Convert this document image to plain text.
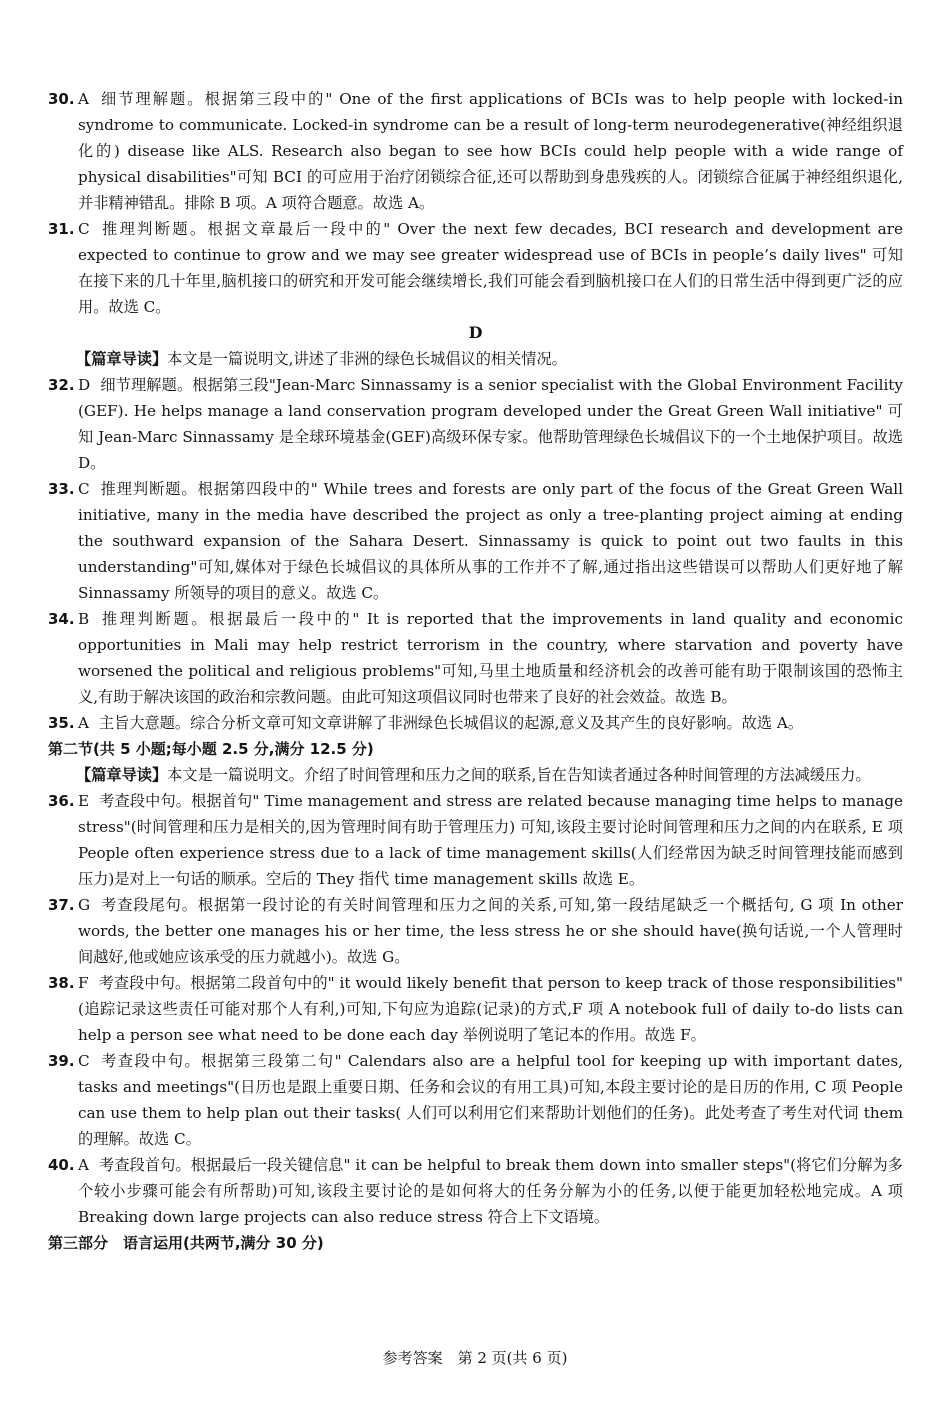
30. A 细节理解题。根据第三段中的" One of the first applications of BCIs was to help people with locked-in syndrome to communicate. Locked-in syndrome can be a result of long-term neurodegenerative(神经组织退化的) disease like ALS. Research also began to see how BCIs could help people with a wide range of physical disabilities"可知 BCI 的可应用于治疗闭锁综合征,还可以帮助到身患残疾的人。闭锁综合征属于神经组织退化,并非精神错乱。排除 B 项。A 项符合题意。故选 A。
31. C 推理判断题。根据文章最后一段中的" Over the next few decades, BCI research and development are expected to continue to grow and we may see greater widespread use of BCIs in people’s daily lives" 可知在接下来的几十年里,脑机接口的研究和开发可能会继续增长,我们可能会看到脑机接口在人们的日常生活中得到更广泛的应用。故选 C。
D
【篇章导读】本文是一篇说明文,讲述了非洲的绿色长城倡议的相关情况。
32. D 细节理解题。根据第三段"Jean-Marc Sinnassamy is a senior specialist with the Global Environment Facility (GEF). He helps manage a land conservation program developed under the Great Green Wall initiative" 可知 Jean-Marc Sinnassamy 是全球环境基金(GEF)高级环保专家。他帮助管理绿色长城倡议下的一个土地保护项目。故选 D。
33. C 推理判断题。根据第四段中的" While trees and forests are only part of the focus of the Great Green Wall initiative, many in the media have described the project as only a tree-planting project aiming at ending the southward expansion of the Sahara Desert. Sinnassamy is quick to point out two faults in this understanding"可知,媒体对于绿色长城倡议的具体所从事的工作并不了解,通过指出这些错误可以帮助人们更好地了解 Sinnassamy 所领导的项目的意义。故选 C。
34. B 推理判断题。根据最后一段中的" It is reported that the improvements in land quality and economic opportunities in Mali may help restrict terrorism in the country, where starvation and poverty have worsened the political and religious problems"可知,马里土地质量和经济机会的改善可能有助于限制该国的恐怖主义,有助于解决该国的政治和宗教问题。由此可知这项倡议同时也带来了良好的社会效益。故选 B。
35. A 主旨大意题。综合分析文章可知文章讲解了非洲绿色长城倡议的起源,意义及其产生的良好影响。故选 A。
第二节(共 5 小题;每小题 2.5 分,满分 12.5 分)
【篇章导读】本文是一篇说明文。介绍了时间管理和压力之间的联系,旨在告知读者通过各种时间管理的方法减缓压力。
36. E 考查段中句。根据首句" Time management and stress are related because managing time helps to manage stress"(时间管理和压力是相关的,因为管理时间有助于管理压力) 可知,该段主要讨论时间管理和压力之间的内在联系, E 项 People often experience stress due to a lack of time management skills(人们经常因为缺乏时间管理技能而感到压力)是对上一句话的顺承。空后的 They 指代 time management skills 故选 E。
37. G 考查段尾句。根据第一段讨论的有关时间管理和压力之间的关系,可知,第一段结尾缺乏一个概括句, G 项 In other words, the better one manages his or her time, the less stress he or she should have(换句话说,一个人管理时间越好,他或她应该承受的压力就越小)。故选 G。
38. F 考查段中句。根据第二段首句中的" it would likely benefit that person to keep track of those responsibilities" (追踪记录这些责任可能对那个人有利,)可知,下句应为追踪(记录)的方式,F 项 A notebook full of daily to-do lists can help a person see what need to be done each day 举例说明了笔记本的作用。故选 F。
39. C 考查段中句。根据第三段第二句" Calendars also are a helpful tool for keeping up with important dates, tasks and meetings"(日历也是跟上重要日期、任务和会议的有用工具)可知,本段主要讨论的是日历的作用, C 项 People can use them to help plan out their tasks( 人们可以利用它们来帮助计划他们的任务)。此处考查了考生对代词 them 的理解。故选 C。
40. A 考查段首句。根据最后一段关键信息" it can be helpful to break them down into smaller steps"(将它们分解为多个较小步骤可能会有所帮助)可知,该段主要讨论的是如何将大的任务分解为小的任务,以便于能更加轻松地完成。A 项 Breaking down large projects can also reduce stress 符合上下文语境。
第三部分　语言运用(共两节,满分 30 分)
参考答案　第 2 页(共 6 页)
